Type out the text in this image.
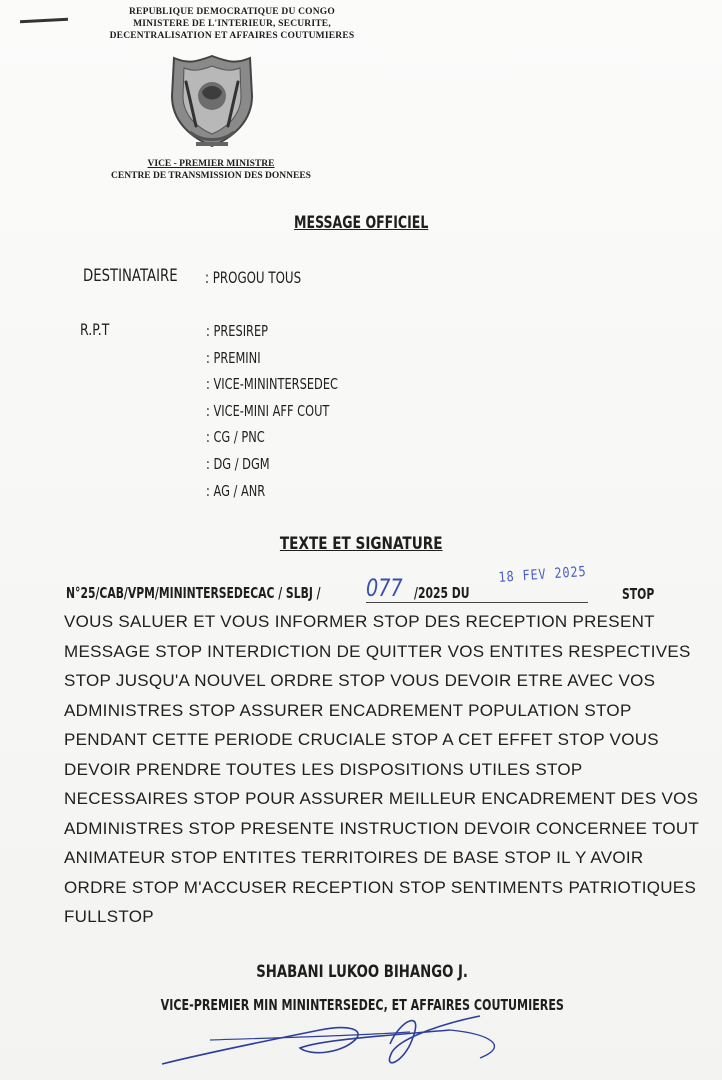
REPUBLIQUE DEMOCRATIQUE DU CONGO
MINISTERE DE L'INTERIEUR, SECURITE,
DECENTRALISATION ET AFFAIRES COUTUMIERES
VICE - PREMIER MINISTRE
CENTRE DE TRANSMISSION DES DONNEES
MESSAGE OFFICIEL
DESTINATAIRE : PROGOU TOUS
R.P.T	: PRESIREP
: PREMINI
: VICE-MININTERSEDEC
: VICE-MINI AFF COUT
: CG / PNC
: DG / DGM
: AG / ANR
TEXTE ET SIGNATURE
N°25/CAB/VPM/MININTERSEDECAC / SLBJ / 077 /2025 DU
18 FEV 2025
STOP
VOUS SALUER ET VOUS INFORMER STOP DES RECEPTION PRESENT
MESSAGE STOP INTERDICTION DE QUITTER VOS ENTITES RESPECTIVES
STOP JUSQU'A NOUVEL ORDRE STOP VOUS DEVOIR ETRE AVEC VOS
ADMINISTRES STOP ASSURER ENCADREMENT POPULATION STOP
PENDANT CETTE PERIODE CRUCIALE STOP A CET EFFET STOP VOUS
DEVOIR PRENDRE TOUTES LES DISPOSITIONS UTILES STOP
NECESSAIRES STOP POUR ASSURER MEILLEUR ENCADREMENT DES VOS
ADMINISTRES STOP PRESENTE INSTRUCTION DEVOIR CONCERNEE TOUT
ANIMATEUR STOP ENTITES TERRITOIRES DE BASE STOP IL Y AVOIR
ORDRE STOP M'ACCUSER RECEPTION STOP SENTIMENTS PATRIOTIQUES
FULLSTOP
SHABANI LUKOO BIHANGO J.
VICE-PREMIER MIN MININTERSEDEC, ET AFFAIRES COUTUMIERES
